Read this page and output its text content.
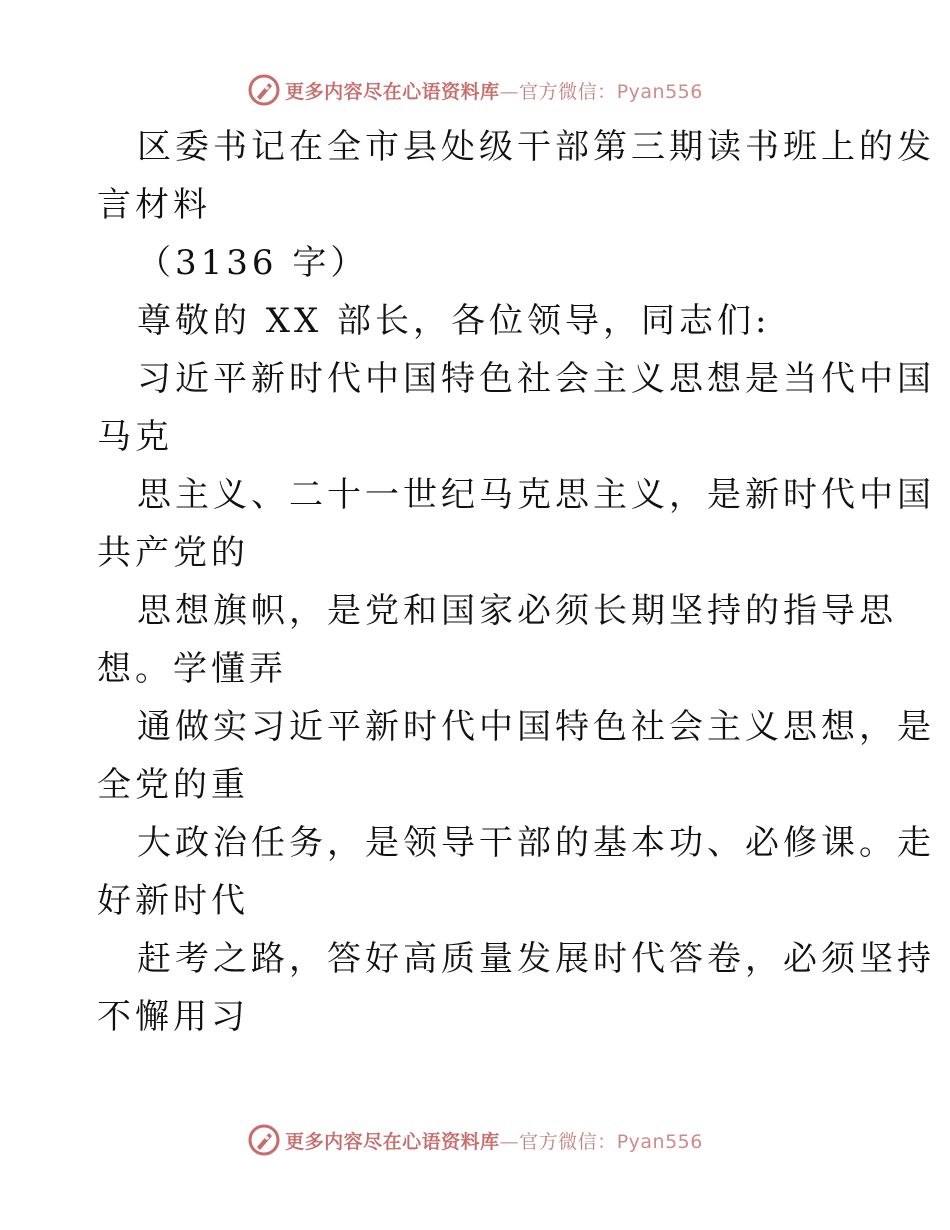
更多内容尽在心语资料库—官方微信：Pyan556
区委书记在全市县处级干部第三期读书班上的发
言材料
（3136 字）
尊敬的 XX 部长，各位领导，同志们:
习近平新时代中国特色社会主义思想是当代中国
马克
思主义、二十一世纪马克思主义，是新时代中国
共产党的
思想旗帜，是党和国家必须长期坚持的指导思
想。学懂弄
通做实习近平新时代中国特色社会主义思想，是
全党的重
大政治任务，是领导干部的基本功、必修课。走
好新时代
赶考之路，答好高质量发展时代答卷，必须坚持
不懈用习
更多内容尽在心语资料库—官方微信：Pyan556
